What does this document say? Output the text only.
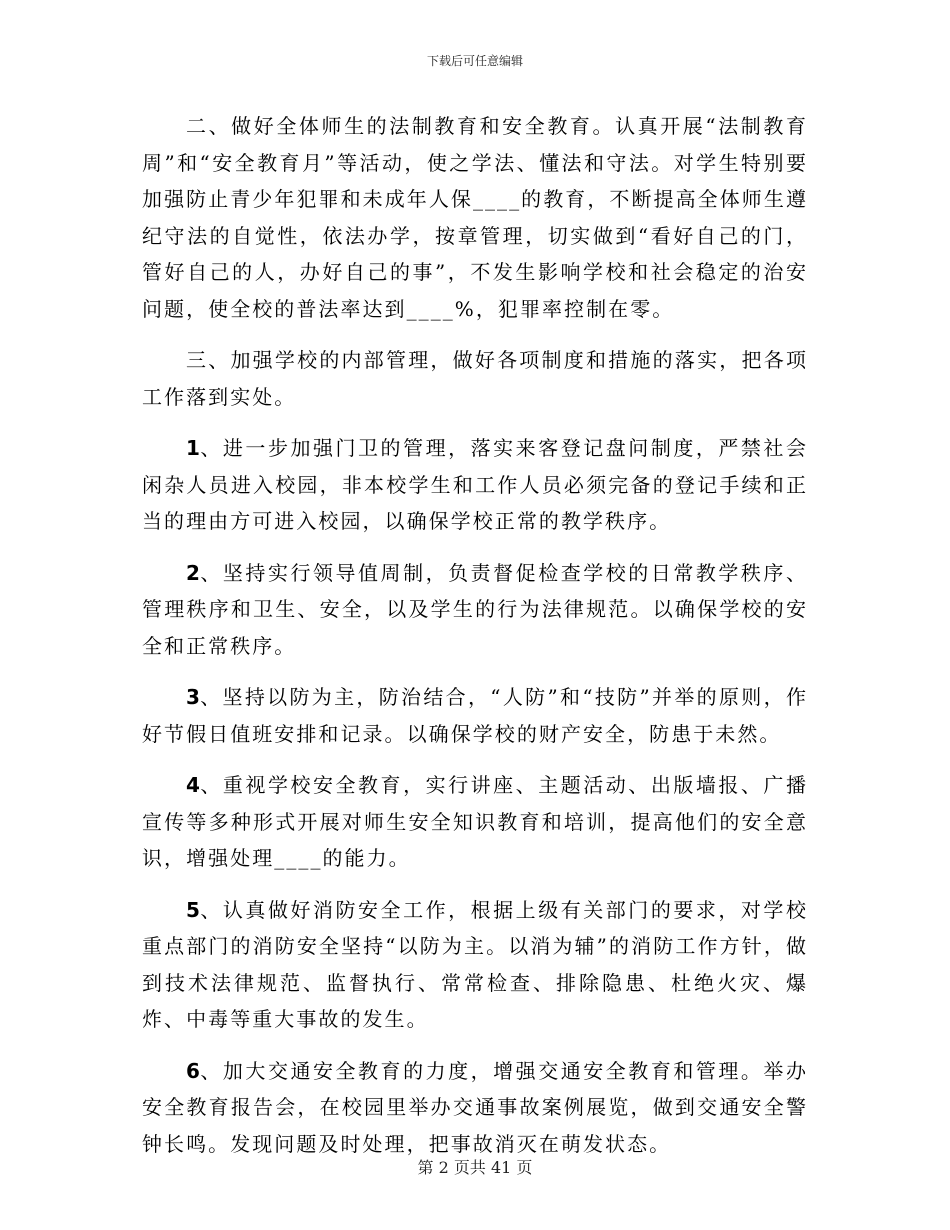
下载后可任意编辑

二、做好全体师生的法制教育和安全教育。认真开展“法制教育周”和“安全教育月”等活动，使之学法、懂法和守法。对学生特别要加强防止青少年犯罪和未成年人保____的教育，不断提高全体师生遵纪守法的自觉性，依法办学，按章管理，切实做到“看好自己的门，管好自己的人，办好自己的事”，不发生影响学校和社会稳定的治安问题，使全校的普法率达到____%，犯罪率控制在零。

三、加强学校的内部管理，做好各项制度和措施的落实，把各项工作落到实处。

1、进一步加强门卫的管理，落实来客登记盘问制度，严禁社会闲杂人员进入校园，非本校学生和工作人员必须完备的登记手续和正当的理由方可进入校园，以确保学校正常的教学秩序。

2、坚持实行领导值周制，负责督促检查学校的日常教学秩序、管理秩序和卫生、安全，以及学生的行为法律规范。以确保学校的安全和正常秩序。

3、坚持以防为主，防治结合，“人防”和“技防”并举的原则，作好节假日值班安排和记录。以确保学校的财产安全，防患于未然。

4、重视学校安全教育，实行讲座、主题活动、出版墙报、广播宣传等多种形式开展对师生安全知识教育和培训，提高他们的安全意识，增强处理____的能力。

5、认真做好消防安全工作，根据上级有关部门的要求，对学校重点部门的消防安全坚持“以防为主。以消为辅”的消防工作方针，做到技术法律规范、监督执行、常常检查、排除隐患、杜绝火灾、爆炸、中毒等重大事故的发生。

6、加大交通安全教育的力度，增强交通安全教育和管理。举办安全教育报告会，在校园里举办交通事故案例展览，做到交通安全警钟长鸣。发现问题及时处理，把事故消灭在萌发状态。

第 2 页共 41 页
